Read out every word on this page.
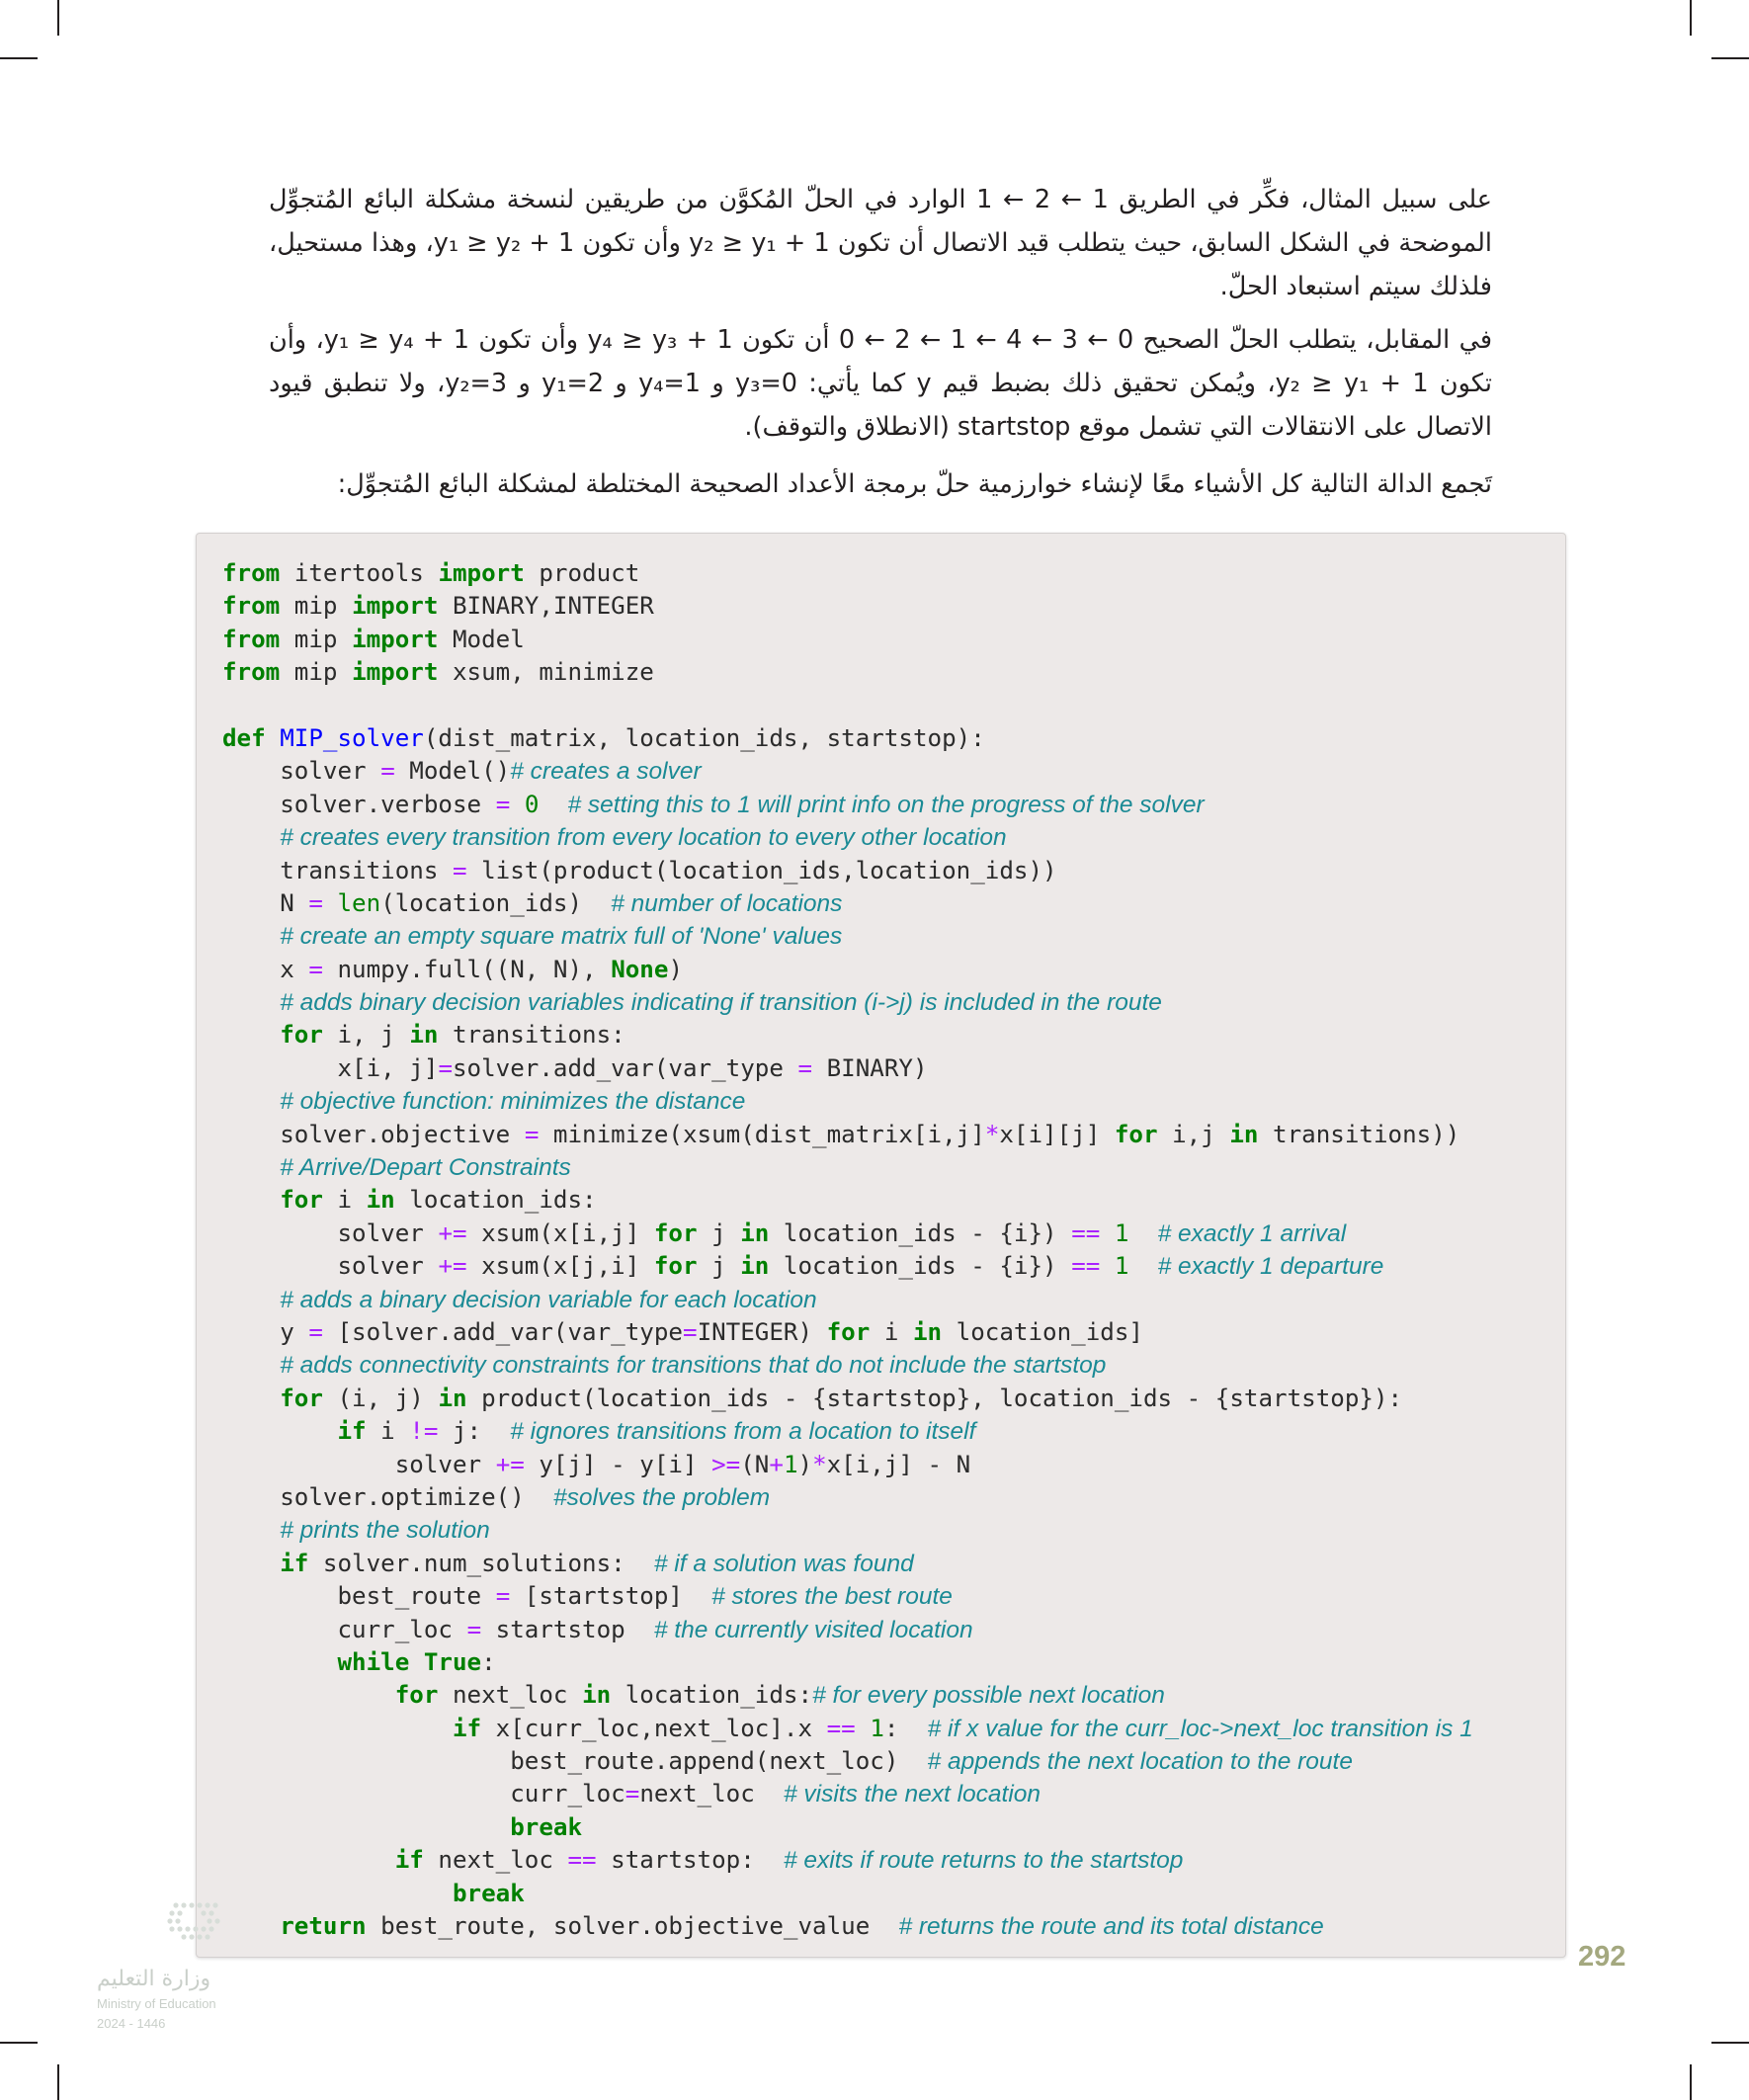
على سبيل المثال، فكِّر في الطريق 1 ← 2 ← 1 الوارد في الحلّ المُكوَّن من طريقين لنسخة مشكلة البائع المُتجوِّل الموضحة في الشكل السابق، حيث يتطلب قيد الاتصال أن تكون y₂ ≥ y₁ + 1 وأن تكون y₁ ≥ y₂ + 1، وهذا مستحيل، فلذلك سيتم استبعاد الحلّ.

في المقابل، يتطلب الحلّ الصحيح 0 ← 3 ← 4 ← 1 ← 2 ← 0 أن تكون y₄ ≥ y₃ + 1 وأن تكون y₁ ≥ y₄ + 1، وأن تكون y₂ ≥ y₁ + 1، ويُمكن تحقيق ذلك بضبط قيم y كما يأتي: y₃=0 و y₄=1 و y₁=2 و y₂=3، ولا تنطبق قيود الاتصال على الانتقالات التي تشمل موقع startstop (الانطلاق والتوقف).

تَجمع الدالة التالية كل الأشياء معًا لإنشاء خوارزمية حلّ برمجة الأعداد الصحيحة المختلطة لمشكلة البائع المُتجوِّل:

from itertools import product
from mip import BINARY,INTEGER
from mip import Model
from mip import xsum, minimize

def MIP_solver(dist_matrix, location_ids, startstop):
solver = Model()# creates a solver
solver.verbose = 0 # setting this to 1 will print info on the progress of the solver
# creates every transition from every location to every other location
transitions = list(product(location_ids,location_ids))
N = len(location_ids)  # number of locations
# create an empty square matrix full of 'None' values
x = numpy.full((N, N), None)
# adds binary decision variables indicating if transition (i->j) is included in the route
for i, j in transitions:
x[i, j]=solver.add_var(var_type = BINARY)
# objective function: minimizes the distance
solver.objective = minimize(xsum(dist_matrix[i,j]*x[i][j] for i,j in transitions))
# Arrive/Depart Constraints
for i in location_ids:
solver += xsum(x[i,j] for j in location_ids - {i}) == 1 # exactly 1 arrival
solver += xsum(x[j,i] for j in location_ids - {i}) == 1 # exactly 1 departure
# adds a binary decision variable for each location
y = [solver.add_var(var_type=INTEGER) for i in location_ids]
# adds connectivity constraints for transitions that do not include the startstop
for (i, j) in product(location_ids - {startstop}, location_ids - {startstop}):
if i != j:  # ignores transitions from a location to itself
solver += y[j] - y[i] >=(N+1)*x[i,j] - N
solver.optimize()  #solves the problem
# prints the solution
if solver.num_solutions:  # if a solution was found
best_route = [startstop]  # stores the best route
curr_loc = startstop  # the currently visited location
while True:
for next_loc in location_ids:# for every possible next location
if x[curr_loc,next_loc].x == 1:  # if x value for the curr_loc->next_loc transition is 1
best_route.append(next_loc)  # appends the next location to the route
curr_loc=next_loc  # visits the next location
break
if next_loc == startstop:  # exits if route returns to the startstop
break
return best_route, solver.objective_value  # returns the route and its total distance
وزارة التعليم
Ministry of Education
2024 - 1446
292
